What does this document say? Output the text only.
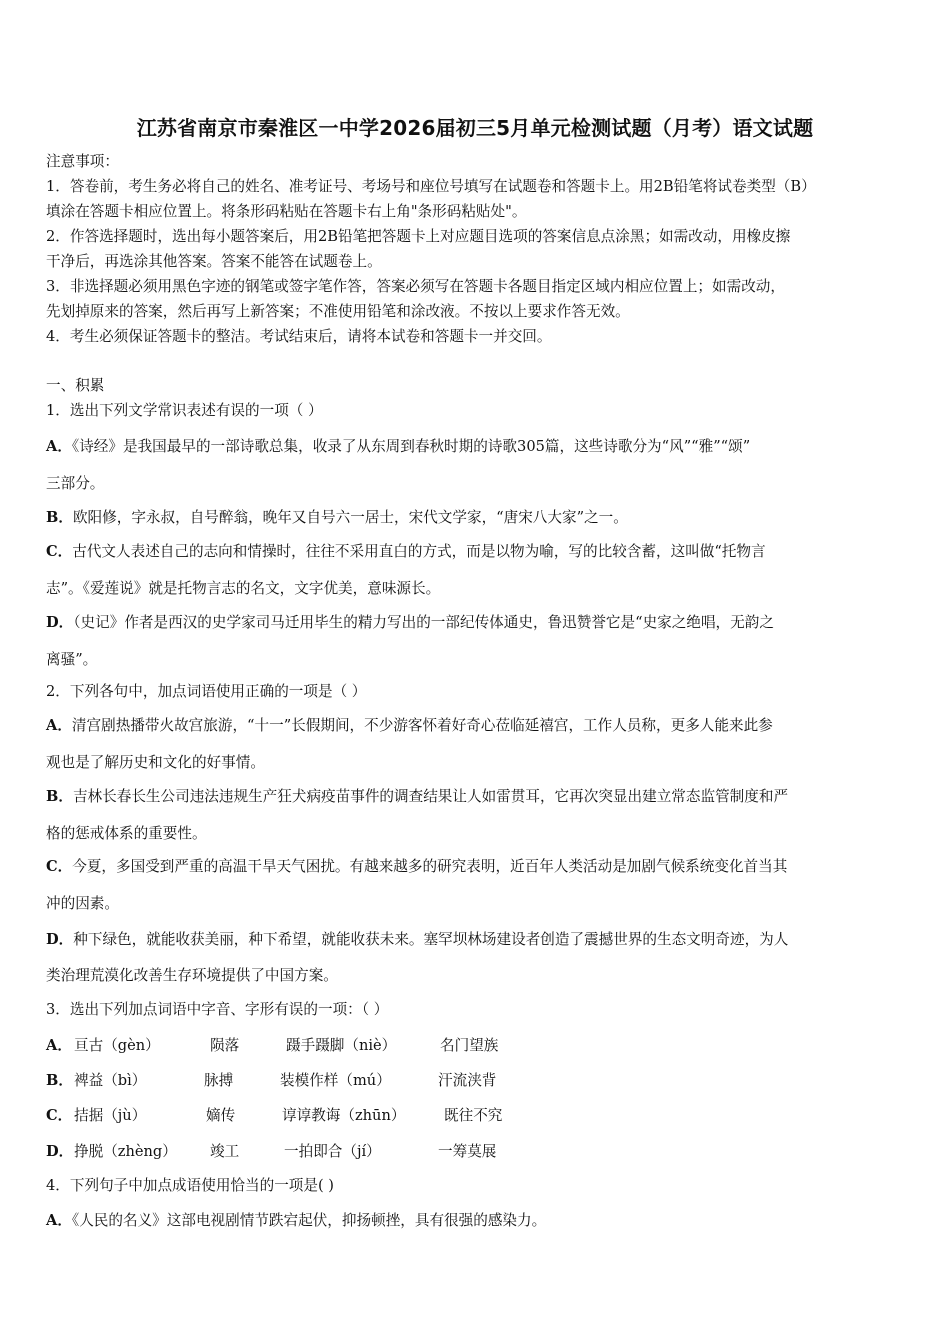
江苏省南京市秦淮区一中学2026届初三5月单元检测试题（月考）语文试题
注意事项：
1．答卷前，考生务必将自己的姓名、准考证号、考场号和座位号填写在试题卷和答题卡上。用2B铅笔将试卷类型（B）
填涂在答题卡相应位置上。将条形码粘贴在答题卡右上角"条形码粘贴处"。
2．作答选择题时，选出每小题答案后，用2B铅笔把答题卡上对应题目选项的答案信息点涂黑；如需改动，用橡皮擦
干净后，再选涂其他答案。答案不能答在试题卷上。
3．非选择题必须用黑色字迹的钢笔或签字笔作答，答案必须写在答题卡各题目指定区域内相应位置上；如需改动，
先划掉原来的答案，然后再写上新答案；不准使用铅笔和涂改液。不按以上要求作答无效。
4．考生必须保证答题卡的整洁。考试结束后，请将本试卷和答题卡一并交回。
一、积累
1．选出下列文学常识表述有误的一项（ ）
A．《诗经》是我国最早的一部诗歌总集，收录了从东周到春秋时期的诗歌305篇，这些诗歌分为“风”“雅”“颂”
三部分。
B．欧阳修，字永叔，自号醉翁，晚年又自号六一居士，宋代文学家，“唐宋八大家”之一。
C．古代文人表述自己的志向和情操时，往往不采用直白的方式，而是以物为喻，写的比较含蓄，这叫做“托物言
志”。《爱莲说》就是托物言志的名文，文字优美，意味源长。
D．（史记》作者是西汉的史学家司马迁用毕生的精力写出的一部纪传体通史，鲁迅赞誉它是“史家之绝唱，无韵之
离骚”。
2．下列各句中，加点词语使用正确的一项是（ ）
A．清宫剧热播带火故宫旅游，“十一”长假期间，不少游客怀着好奇心莅临延禧宫，工作人员称，更多人能来此参
观也是了解历史和文化的好事情。
B．吉林长春长生公司违法违规生产狂犬病疫苗事件的调查结果让人如雷贯耳，它再次突显出建立常态监管制度和严
格的惩戒体系的重要性。
C．今夏，多国受到严重的高温干旱天气困扰。有越来越多的研究表明，近百年人类活动是加剧气候系统变化首当其
冲的因素。
D．种下绿色，就能收获美丽，种下希望，就能收获未来。塞罕坝林场建设者创造了震撼世界的生态文明奇迹，为人
类治理荒漠化改善生存环境提供了中国方案。
3．选出下列加点词语中字音、字形有误的一项：（ ）
A． 亘古（gèn）	陨落	蹑手蹑脚（niè）	名门望族
B． 裨益（bì）	脉搏	装模作样（mú）	汗流浃背
C． 拮据（jù）	嫡传	谆谆教诲（zhūn）	既往不究
D． 挣脱（zhèng） 竣工	一拍即合（jí）	一筹莫展
4．下列句子中加点成语使用恰当的一项是( )
A．《人民的名义》这部电视剧情节跌宕起伏，抑扬顿挫，具有很强的感染力。
